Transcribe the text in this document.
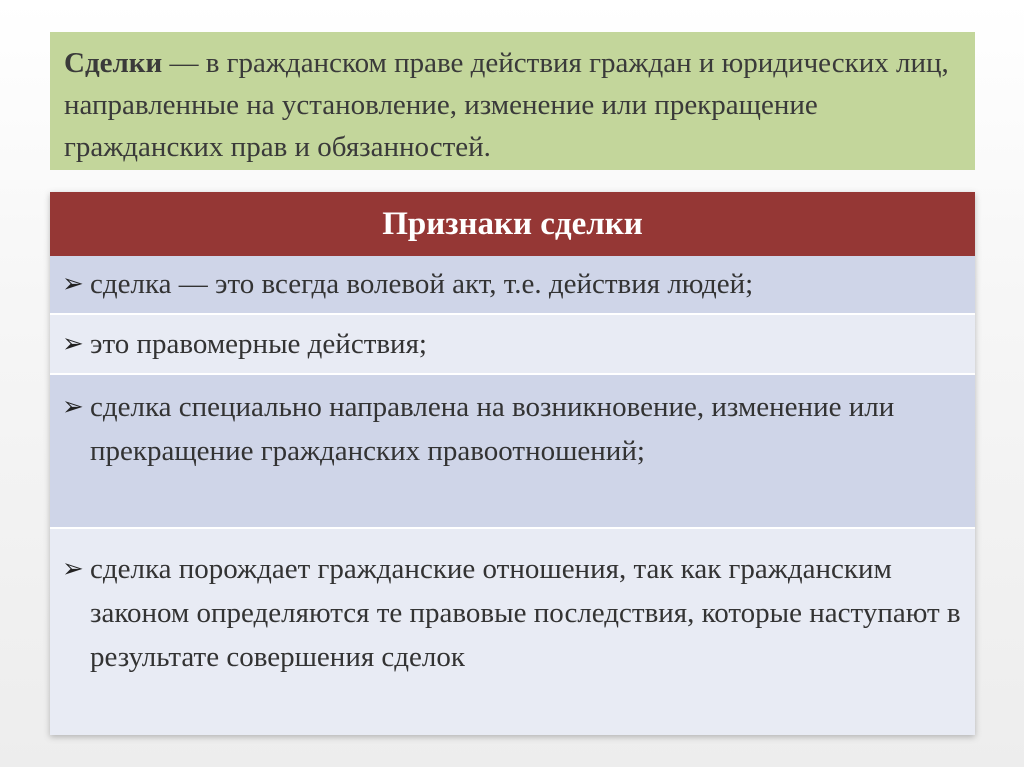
Сделки — в гражданском праве действия граждан и юридических лиц, направленные на установление, изменение или прекращение гражданских прав и обязанностей.
Признаки сделки
➢ сделка — это всегда волевой акт, т.е. действия людей;
➢ это правомерные действия;
➢ сделка специально направлена на возникновение, изменение или прекращение гражданских правоотношений;
➢ сделка порождает гражданские отношения, так как гражданским законом определяются те правовые последствия, которые наступают в результате совершения сделок
